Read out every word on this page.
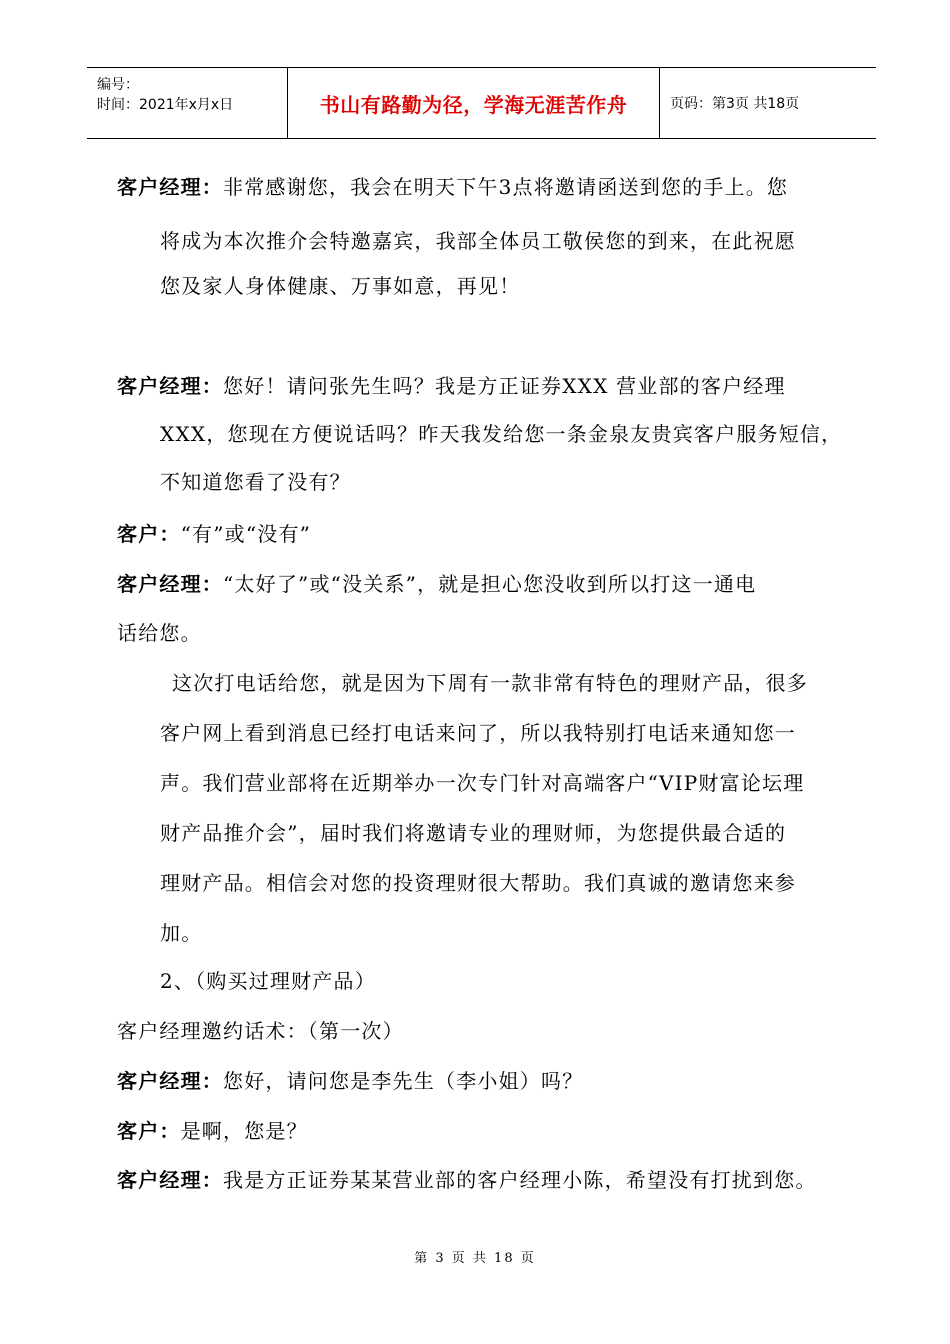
编号：
时间：2021年x月x日	书山有路勤为径，学海无涯苦作舟	页码：第3页 共18页
客户经理：非常感谢您，我会在明天下午3点将邀请函送到您的手上。您
将成为本次推介会特邀嘉宾，我部全体员工敬侯您的到来，在此祝愿
您及家人身体健康、万事如意，再见！
客户经理：您好！请问张先生吗？我是方正证券XXX 营业部的客户经理
XXX，您现在方便说话吗？昨天我发给您一条金泉友贵宾客户服务短信，
不知道您看了没有？
客户：“有”或“没有”
客户经理：“太好了”或“没关系”，就是担心您没收到所以打这一通电
话给您。
这次打电话给您，就是因为下周有一款非常有特色的理财产品，很多
客户网上看到消息已经打电话来问了，所以我特别打电话来通知您一
声。我们营业部将在近期举办一次专门针对高端客户“VIP财富论坛理
财产品推介会”，届时我们将邀请专业的理财师，为您提供最合适的
理财产品。相信会对您的投资理财很大帮助。我们真诚的邀请您来参
加。
2、（购买过理财产品）
客户经理邀约话术：（第一次）
客户经理：您好，请问您是李先生（李小姐）吗？
客户：是啊，您是？
客户经理：我是方正证券某某营业部的客户经理小陈，希望没有打扰到您。
第 3 页 共 18 页
